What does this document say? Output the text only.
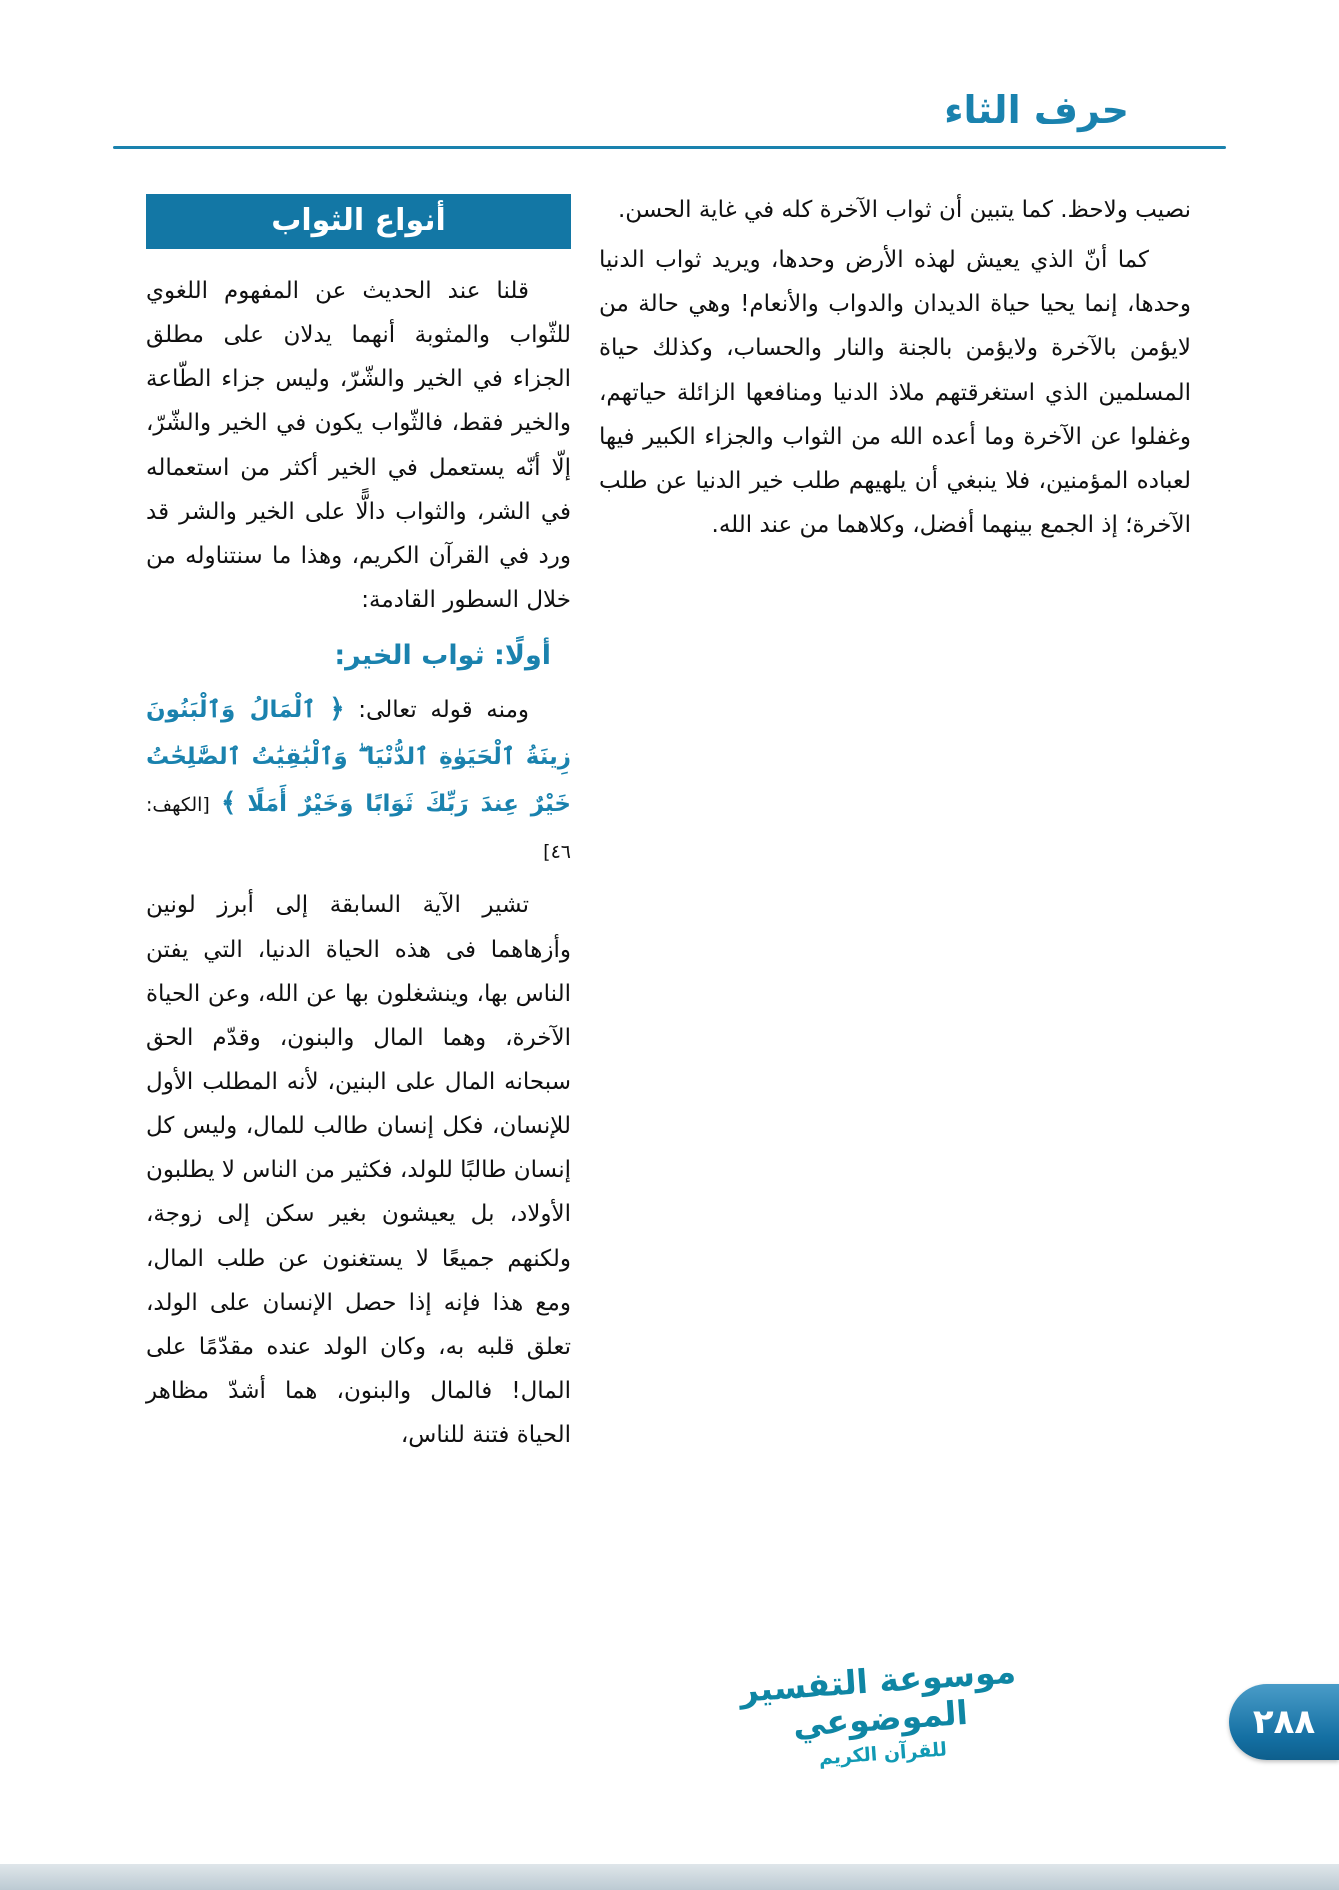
حرف الثاء

نصيب ولاحظ. كما يتبين أن ثواب الآخرة كله في غاية الحسن.

كما أنّ الذي يعيش لهذه الأرض وحدها، ويريد ثواب الدنيا وحدها، إنما يحيا حياة الديدان والدواب والأنعام! وهي حالة من لايؤمن بالآخرة ولايؤمن بالجنة والنار والحساب، وكذلك حياة المسلمين الذي استغرقتهم ملاذ الدنيا ومنافعها الزائلة حياتهم، وغفلوا عن الآخرة وما أعده الله من الثواب والجزاء الكبير فيها لعباده المؤمنين، فلا ينبغي أن يلهيهم طلب خير الدنيا عن طلب الآخرة؛ إذ الجمع بينهما أفضل، وكلاهما من عند الله.

أنواع الثواب

قلنا عند الحديث عن المفهوم اللغوي للثّواب والمثوبة أنهما يدلان على مطلق الجزاء في الخير والشّرّ، وليس جزاء الطّاعة والخير فقط، فالثّواب يكون في الخير والشّرّ، إلّا أنّه يستعمل في الخير أكثر من استعماله في الشر، والثواب دالًّا على الخير والشر قد ورد في القرآن الكريم، وهذا ما سنتناوله من خلال السطور القادمة:

أولًا: ثواب الخير:

ومنه قوله تعالى: ﴿ ٱلْمَالُ وَٱلْبَنُونَ زِينَةُ ٱلْحَيَوٰةِ ٱلدُّنْيَا ۖ وَٱلْبَٰقِيَٰتُ ٱلصَّٰلِحَٰتُ خَيْرٌ عِندَ رَبِّكَ ثَوَابًا وَخَيْرٌ أَمَلًا ﴾ [الكهف: ٤٦]

تشير الآية السابقة إلى أبرز لونين وأزهاهما فى هذه الحياة الدنيا، التي يفتن الناس بها، وينشغلون بها عن الله، وعن الحياة الآخرة، وهما المال والبنون، وقدّم الحق سبحانه المال على البنين، لأنه المطلب الأول للإنسان، فكل إنسان طالب للمال، وليس كل إنسان طالبًا للولد، فكثير من الناس لا يطلبون الأولاد، بل يعيشون بغير سكن إلى زوجة، ولكنهم جميعًا لا يستغنون عن طلب المال، ومع هذا فإنه إذا حصل الإنسان على الولد، تعلق قلبه به، وكان الولد عنده مقدّمًا على المال! فالمال والبنون، هما أشدّ مظاهر الحياة فتنة للناس،

موسوعة التفسير الموضوعي
للقرآن الكريم
٢٨٨
